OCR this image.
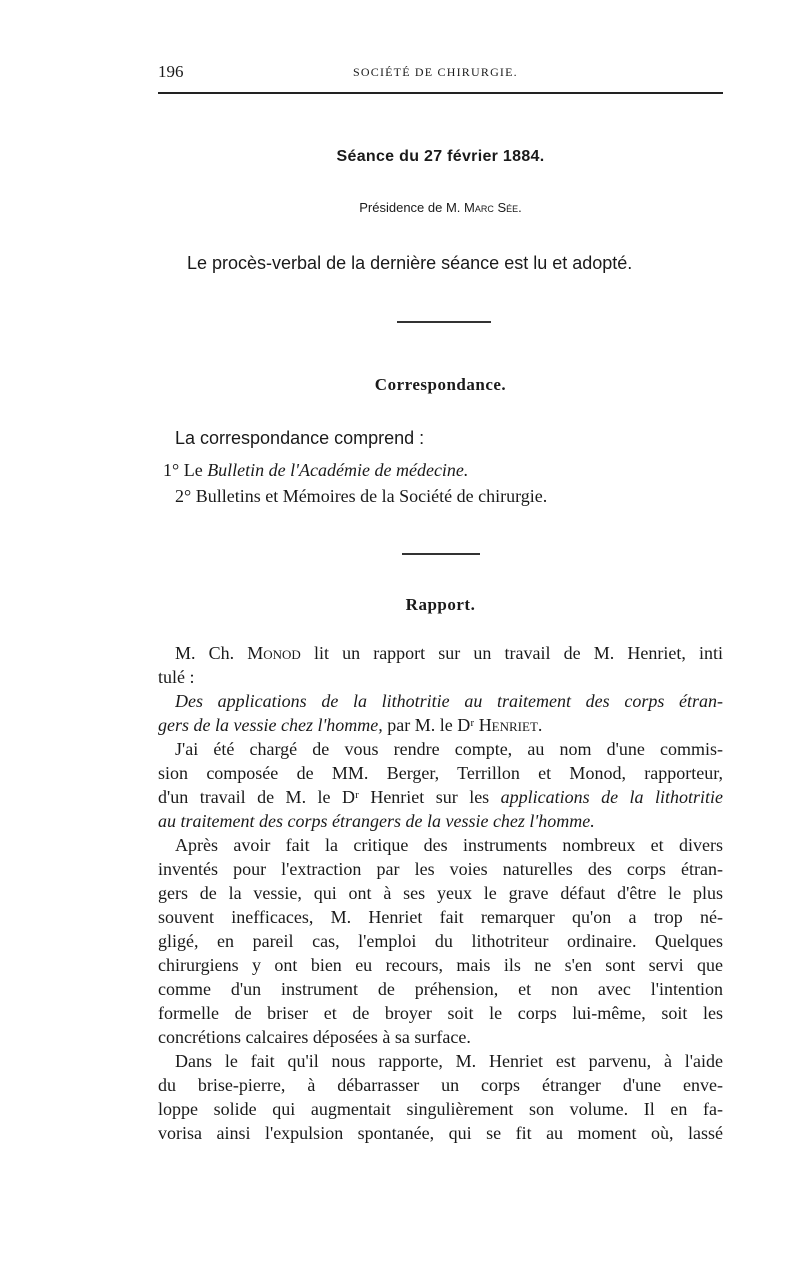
196	SOCIÉTÉ DE CHIRURGIE.
Séance du 27 février 1884.
Présidence de M. Marc Sée.
Le procès-verbal de la dernière séance est lu et adopté.
Correspondance.
La correspondance comprend :
1° Le Bulletin de l'Académie de médecine.
2° Bulletins et Mémoires de la Société de chirurgie.
Rapport.
M. Ch. Monod lit un rapport sur un travail de M. Henriet, inti
tulé :
Des applications de la lithotritie au traitement des corps étran-
gers de la vessie chez l'homme, par M. le Dʳ Henriet.
J'ai été chargé de vous rendre compte, au nom d'une commis-
sion composée de MM. Berger, Terrillon et Monod, rapporteur,
d'un travail de M. le Dʳ Henriet sur les applications de la lithotritie
au traitement des corps étrangers de la vessie chez l'homme.
Après avoir fait la critique des instruments nombreux et divers
inventés pour l'extraction par les voies naturelles des corps étran-
gers de la vessie, qui ont à ses yeux le grave défaut d'être le plus
souvent inefficaces, M. Henriet fait remarquer qu'on a trop né-
gligé, en pareil cas, l'emploi du lithotriteur ordinaire. Quelques
chirurgiens y ont bien eu recours, mais ils ne s'en sont servi que
comme d'un instrument de préhension, et non avec l'intention
formelle de briser et de broyer soit le corps lui-même, soit les
concrétions calcaires déposées à sa surface.
Dans le fait qu'il nous rapporte, M. Henriet est parvenu, à l'aide
du brise-pierre, à débarrasser un corps étranger d'une enve-
loppe solide qui augmentait singulièrement son volume. Il en fa-
vorisa ainsi l'expulsion spontanée, qui se fit au moment où, lassé
